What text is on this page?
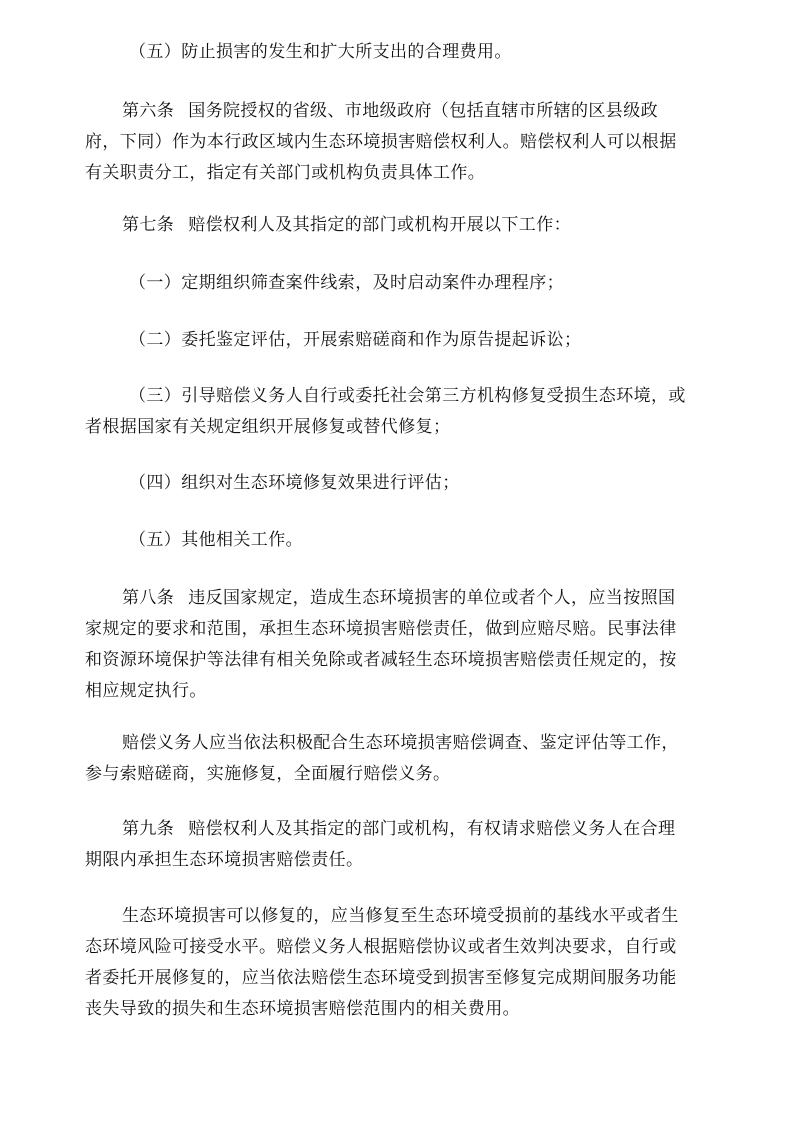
（五）防止损害的发生和扩大所支出的合理费用。

第六条 国务院授权的省级、市地级政府（包括直辖市所辖的区县级政
府，下同）作为本行政区域内生态环境损害赔偿权利人。赔偿权利人可以根据
有关职责分工，指定有关部门或机构负责具体工作。

第七条 赔偿权利人及其指定的部门或机构开展以下工作：

（一）定期组织筛查案件线索，及时启动案件办理程序；

（二）委托鉴定评估，开展索赔磋商和作为原告提起诉讼；

（三）引导赔偿义务人自行或委托社会第三方机构修复受损生态环境，或
者根据国家有关规定组织开展修复或替代修复；

（四）组织对生态环境修复效果进行评估；

（五）其他相关工作。

第八条 违反国家规定，造成生态环境损害的单位或者个人，应当按照国
家规定的要求和范围，承担生态环境损害赔偿责任，做到应赔尽赔。民事法律
和资源环境保护等法律有相关免除或者减轻生态环境损害赔偿责任规定的，按
相应规定执行。

赔偿义务人应当依法积极配合生态环境损害赔偿调查、鉴定评估等工作，
参与索赔磋商，实施修复，全面履行赔偿义务。

第九条 赔偿权利人及其指定的部门或机构，有权请求赔偿义务人在合理
期限内承担生态环境损害赔偿责任。

生态环境损害可以修复的，应当修复至生态环境受损前的基线水平或者生
态环境风险可接受水平。赔偿义务人根据赔偿协议或者生效判决要求，自行或
者委托开展修复的，应当依法赔偿生态环境受到损害至修复完成期间服务功能
丧失导致的损失和生态环境损害赔偿范围内的相关费用。
